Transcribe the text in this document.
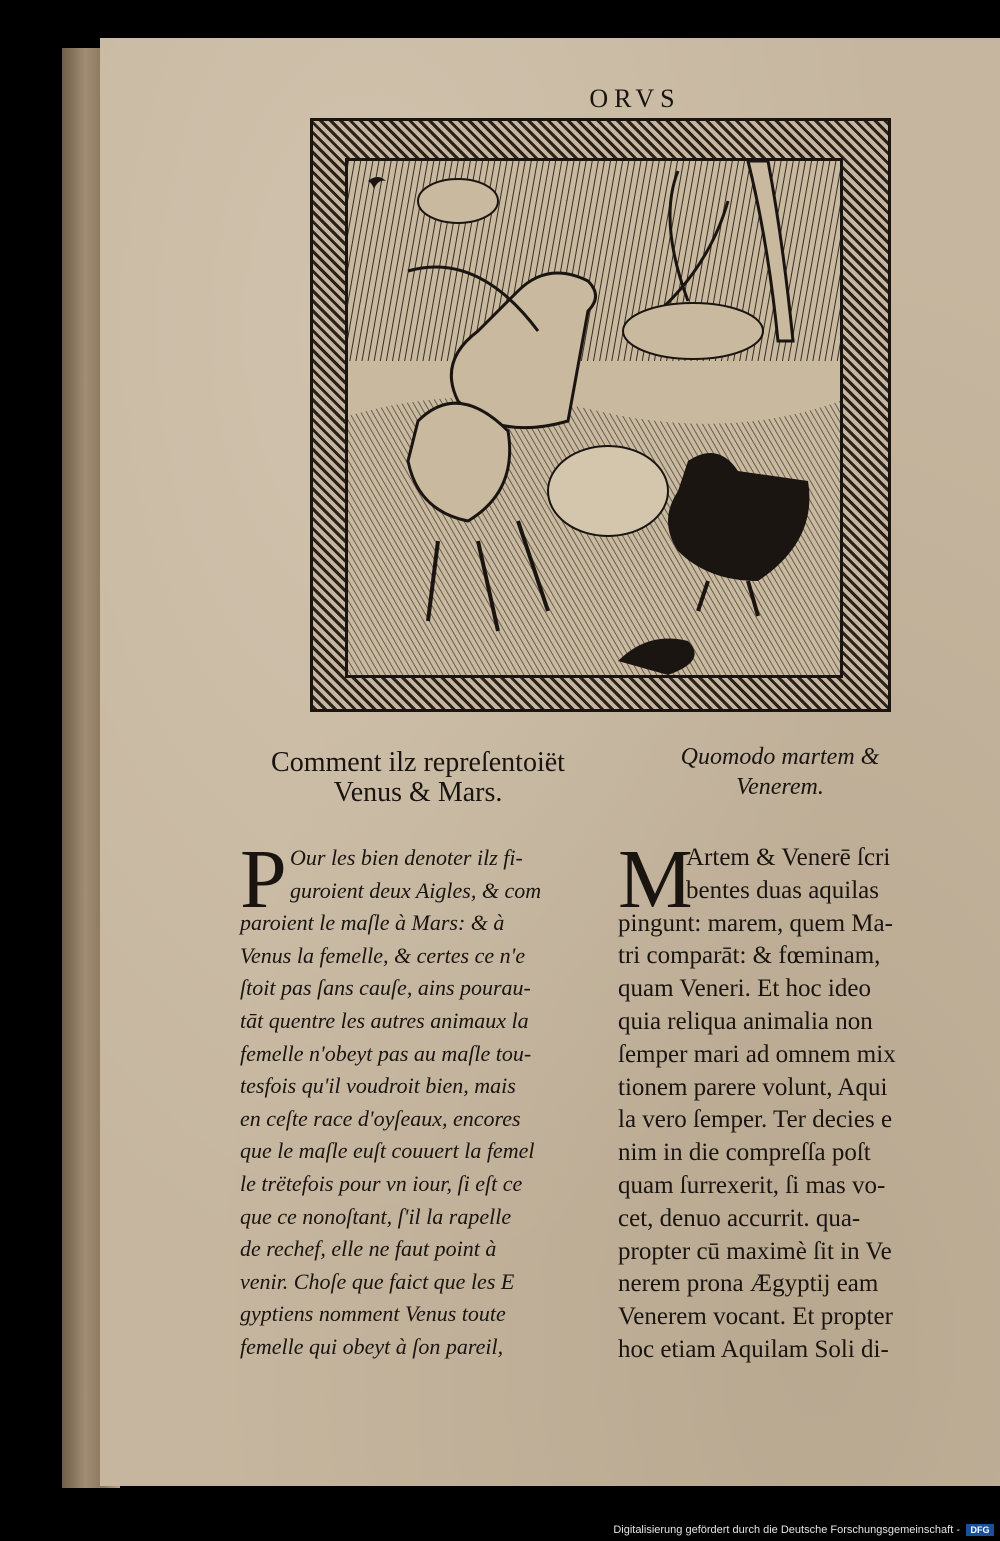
ORVS
Comment ilz repreſentoiët
Venus & Mars.
Quomodo martem &
Venerem.
P	M
Our les bien denoter ilz fi-
guroient deux Aigles, & com
paroient le maſle à Mars: & à
Venus la femelle, & certes ce n'e
ſtoit pas ſans cauſe, ains pourau-
tāt quentre les autres animaux la
femelle n'obeyt pas au maſle tou-
tesfois qu'il voudroit bien, mais
en ceſte race d'oyſeaux, encores
que le maſle euſt couuert la femel
le trëtefois pour vn iour, ſi eſt ce
que ce nonoſtant, ſ'il la rapelle
de rechef, elle ne faut point à
venir. Choſe que faict que les E
gyptiens nomment Venus toute
femelle qui obeyt à ſon pareil,
Artem & Venerē ſcri
bentes duas aquilas
pingunt: marem, quem Ma-
tri comparāt: & fœminam,
quam Veneri. Et hoc ideo
quia reliqua animalia non
ſemper mari ad omnem mix
tionem parere volunt, Aqui
la vero ſemper. Ter decies e
nim in die compreſſa poſt
quam ſurrexerit, ſi mas vo-
cet, denuo accurrit. qua-
propter cū maximè ſit in Ve
nerem prona Ægyptij eam
Venerem vocant. Et propter
hoc etiam Aquilam Soli di-
Digitalisierung gefördert durch die Deutsche Forschungsgemeinschaft -	DFG
